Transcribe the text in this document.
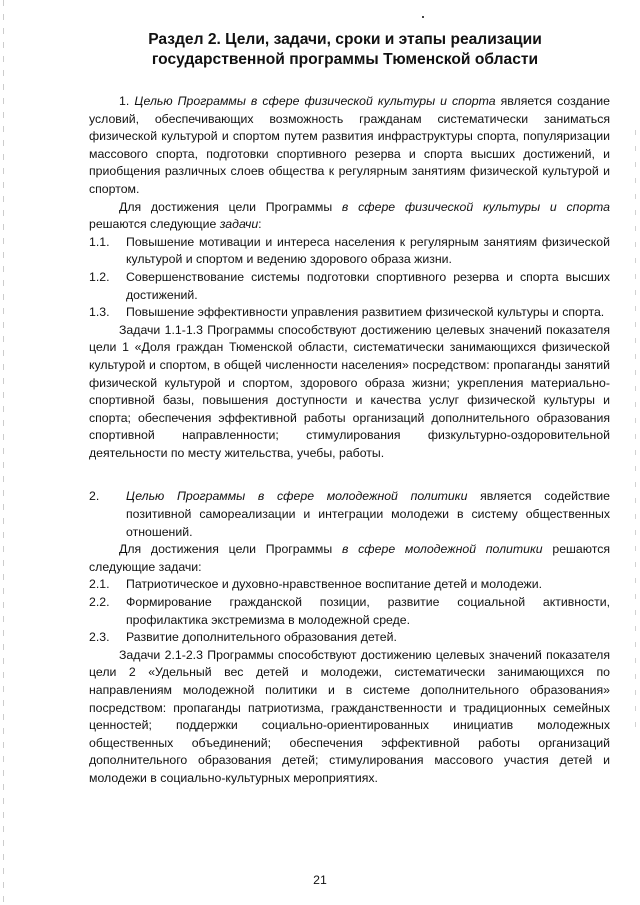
Раздел 2. Цели, задачи, сроки и этапы реализации государственной программы Тюменской области

1. Целью Программы в сфере физической культуры и спорта является создание условий, обеспечивающих возможность гражданам систематически заниматься физической культурой и спортом путем развития инфраструктуры спорта, популяризации массового спорта, подготовки спортивного резерва и спорта высших достижений, и приобщения различных слоев общества к регулярным занятиям физической культурой и спортом.

Для достижения цели Программы в сфере физической культуры и спорта решаются следующие задачи:

1.1. Повышение мотивации и интереса населения к регулярным занятиям физической культурой и спортом и ведению здорового образа жизни.
1.2. Совершенствование системы подготовки спортивного резерва и спорта высших достижений.
1.3. Повышение эффективности управления развитием физической культуры и спорта.

Задачи 1.1-1.3 Программы способствуют достижению целевых значений показателя цели 1 «Доля граждан Тюменской области, систематически занимающихся физической культурой и спортом, в общей численности населения» посредством: пропаганды занятий физической культурой и спортом, здорового образа жизни; укрепления материально-спортивной базы, повышения доступности и качества услуг физической культуры и спорта; обеспечения эффективной работы организаций дополнительного образования спортивной направленности; стимулирования физкультурно-оздоровительной деятельности по месту жительства, учебы, работы.

2. Целью Программы в сфере молодежной политики является содействие позитивной самореализации и интеграции молодежи в систему общественных отношений.

Для достижения цели Программы в сфере молодежной политики решаются следующие задачи:

2.1. Патриотическое и духовно-нравственное воспитание детей и молодежи.
2.2. Формирование гражданской позиции, развитие социальной активности, профилактика экстремизма в молодежной среде.
2.3. Развитие дополнительного образования детей.

Задачи 2.1-2.3 Программы способствуют достижению целевых значений показателя цели 2 «Удельный вес детей и молодежи, систематически занимающихся по направлениям молодежной политики и в системе дополнительного образования» посредством: пропаганды патриотизма, гражданственности и традиционных семейных ценностей; поддержки социально-ориентированных инициатив молодежных общественных объединений; обеспечения эффективной работы организаций дополнительного образования детей; стимулирования массового участия детей и молодежи в социально-культурных мероприятиях.

21
